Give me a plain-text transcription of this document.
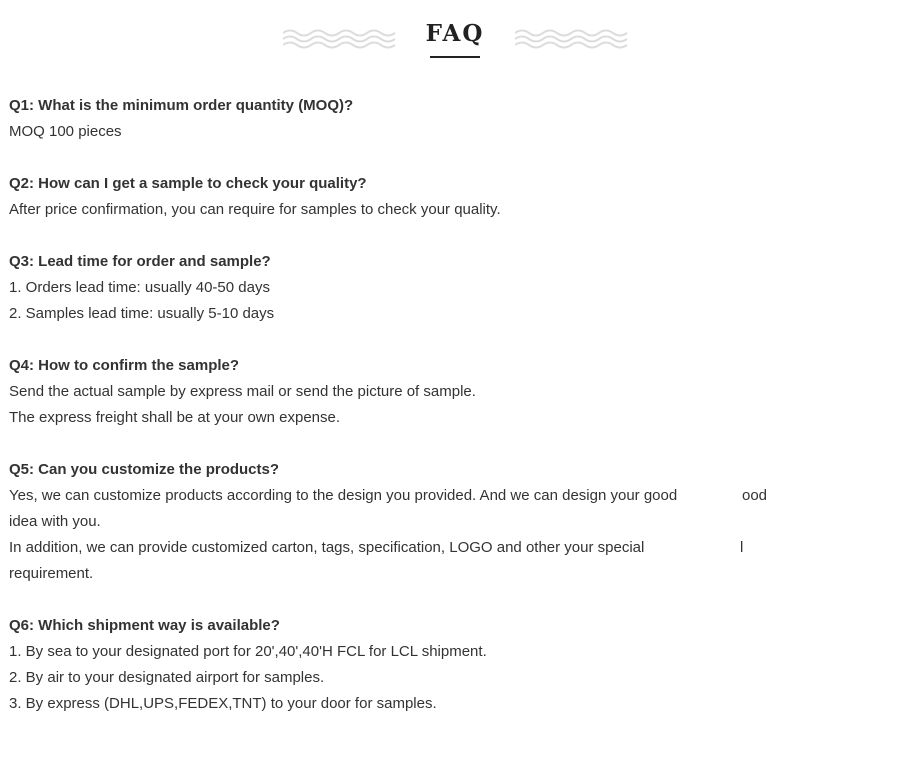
FAQ
Q1: What is the minimum order quantity (MOQ)?
MOQ 100 pieces
Q2: How can I get a sample to check your quality?
After price confirmation, you can require for samples to check your quality.
Q3: Lead time for order and sample?
1. Orders lead time: usually 40-50 days
2. Samples lead time: usually 5-10 days
Q4: How to confirm the sample?
Send the actual sample by express mail or send the picture of sample.
The express freight shall be at your own expense.
Q5: Can you customize the products?
Yes, we can customize products according to the design you provided. And we can design your good
idea with you.
In addition, we can provide customized carton, tags, specification, LOGO and other your special
requirement.
Q6: Which shipment way is available?
1. By sea to your designated port for 20',40',40'H FCL for LCL shipment.
2. By air to your designated airport for samples.
3. By express (DHL,UPS,FEDEX,TNT) to your door for samples.
ood
l
